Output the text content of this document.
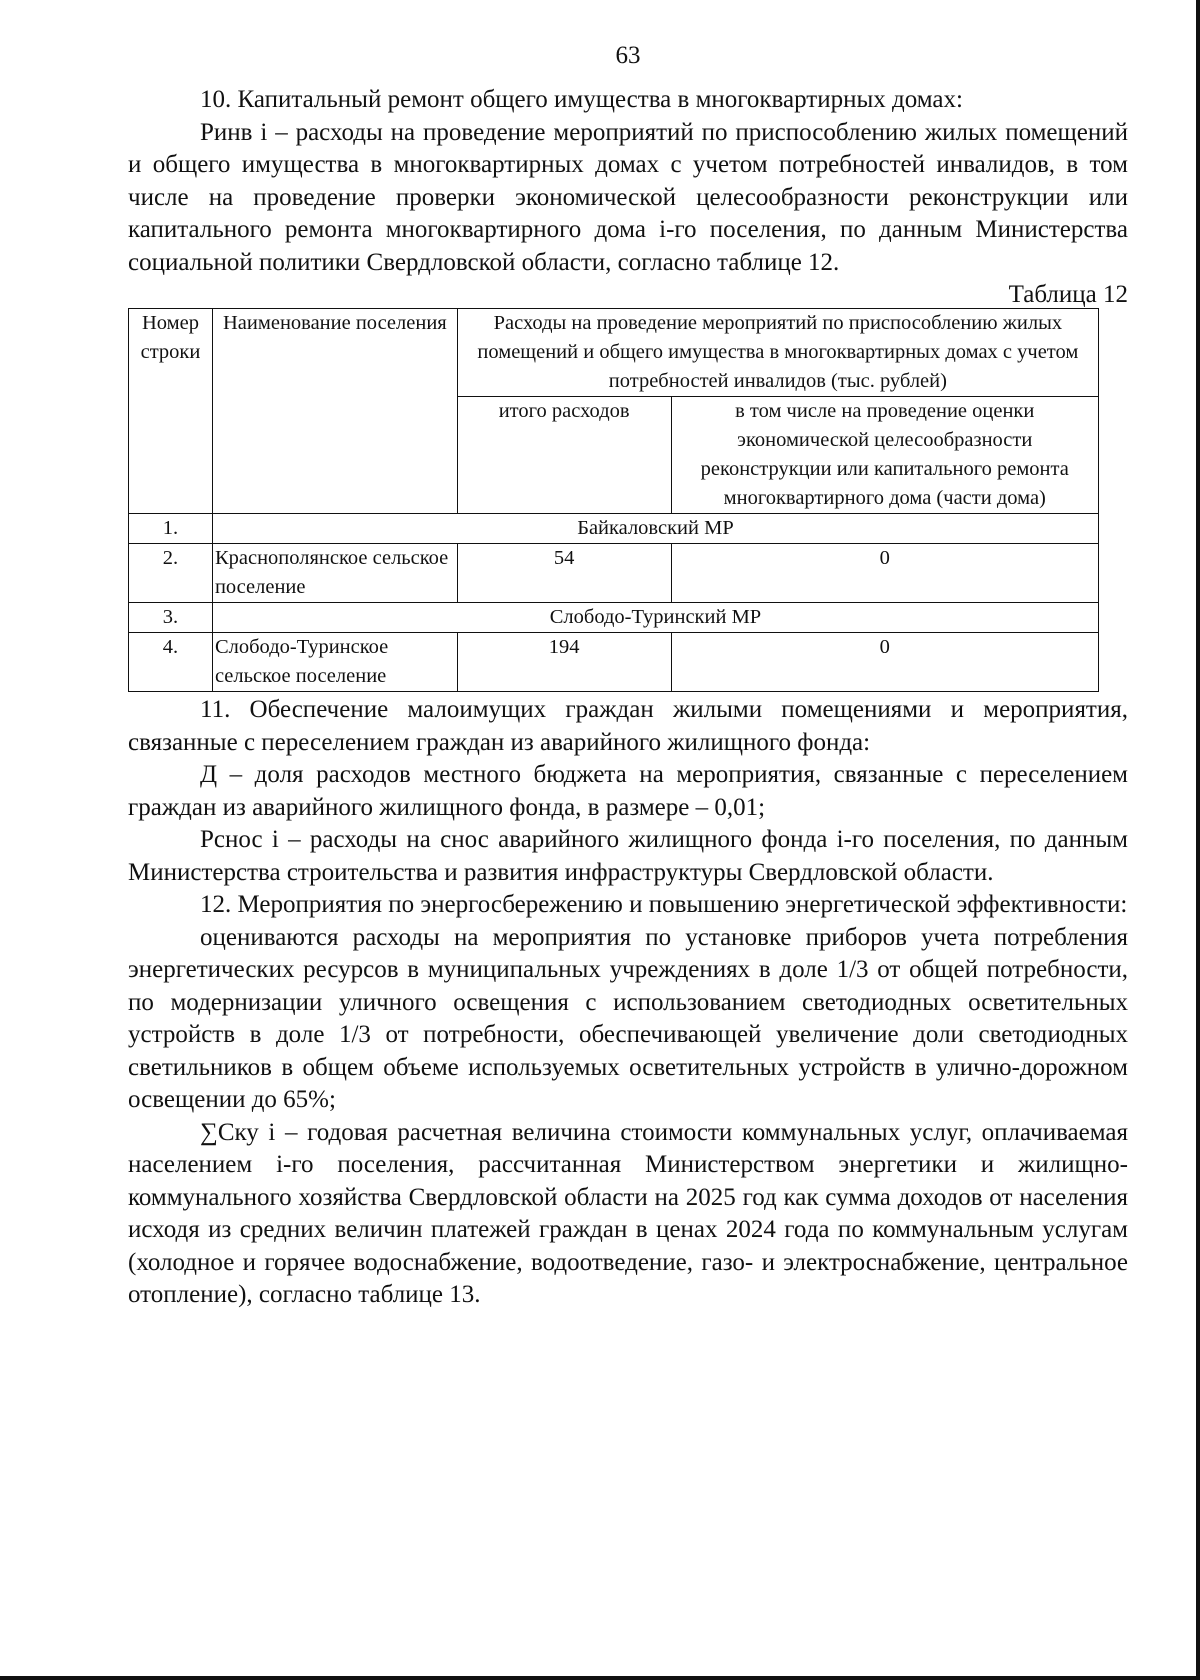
63

10. Капитальный ремонт общего имущества в многоквартирных домах:

Ринв i – расходы на проведение мероприятий по приспособлению жилых помещений и общего имущества в многоквартирных домах с учетом потребностей инвалидов, в том числе на проведение проверки экономической целесообразности реконструкции или капитального ремонта многоквартирного дома i-го поселения, по данным Министерства социальной политики Свердловской области, согласно таблице 12.

Таблица 12
Номер строки	Наименование поселения	Расходы на проведение мероприятий по приспособлению жилых помещений и общего имущества в многоквартирных домах с учетом потребностей инвалидов (тыс. рублей)	
		итого расходов	в том числе на проведение оценки экономической целесообразности реконструкции или капитального ремонта многоквартирного дома (части дома)
1.	Байкаловский МР		
2.	Краснополянское сельское поселение	54	0
3.	Слободо-Туринский МР		
4.	Слободо-Туринское сельское поселение	194	0

11. Обеспечение малоимущих граждан жилыми помещениями и мероприятия, связанные с переселением граждан из аварийного жилищного фонда:

Д – доля расходов местного бюджета на мероприятия, связанные с переселением граждан из аварийного жилищного фонда, в размере – 0,01;

Рснос i – расходы на снос аварийного жилищного фонда i-го поселения, по данным Министерства строительства и развития инфраструктуры Свердловской области.

12. Мероприятия по энергосбережению и повышению энергетической эффективности:

оцениваются расходы на мероприятия по установке приборов учета потребления энергетических ресурсов в муниципальных учреждениях в доле 1/3 от общей потребности, по модернизации уличного освещения с использованием светодиодных осветительных устройств в доле 1/3 от потребности, обеспечивающей увеличение доли светодиодных светильников в общем объеме используемых осветительных устройств в улично-дорожном освещении до 65%;

∑Cку i – годовая расчетная величина стоимости коммунальных услуг, оплачиваемая населением i-го поселения, рассчитанная Министерством энергетики и жилищно-коммунального хозяйства Свердловской области на 2025 год как сумма доходов от населения исходя из средних величин платежей граждан в ценах 2024 года по коммунальным услугам (холодное и горячее водоснабжение, водоотведение, газо- и электроснабжение, центральное отопление), согласно таблице 13.
